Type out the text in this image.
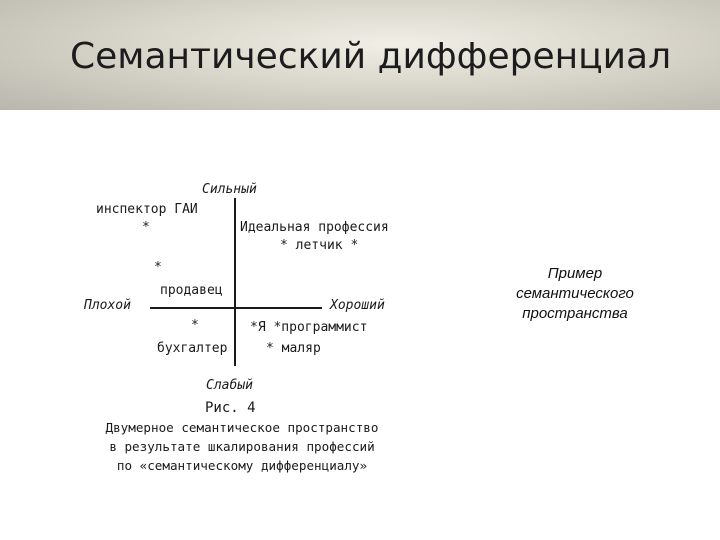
Семантический дифференциал
Сильный
Слабый
Плохой	Хороший
инспектор ГАИ
*	Идеальная профессия
* летчик *
*
продавец
*	*Я *программист
бухгалтер	* маляр
Рис. 4
Двумерное семантическое пространство
в результате шкалирования профессий
по «семантическому дифференциалу»
Пример
семантического
пространства
